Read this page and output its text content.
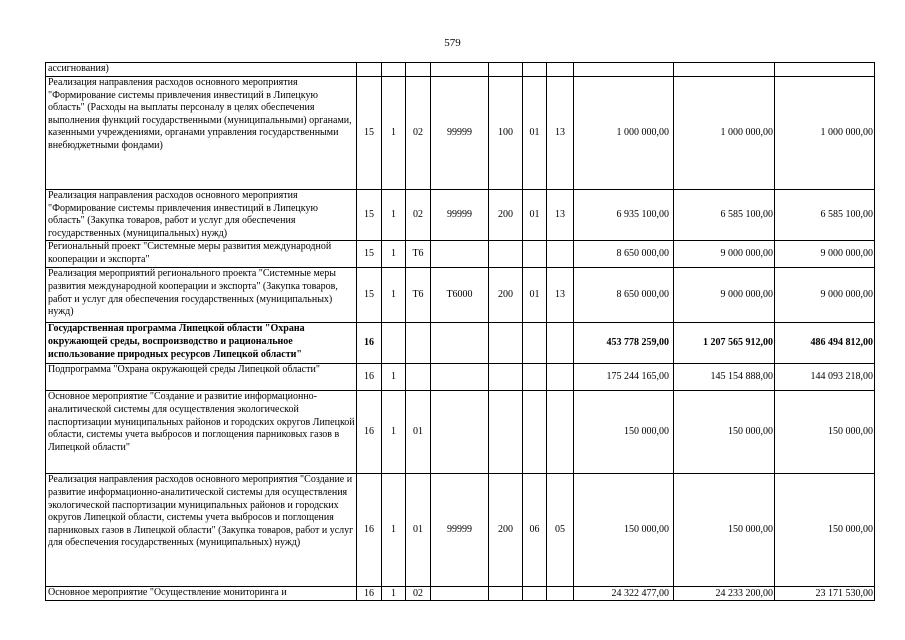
579
ассигнования)										
Реализация направления расходов основного мероприятия "Формирование системы привлечения инвестиций в Липецкую область" (Расходы на выплаты персоналу в целях обеспечения выполнения функций государственными (муниципальными) органами, казенными учреждениями, органами управления государственными внебюджетными фондами)	15	1	02	99999	100	01	13	1 000 000,00	1 000 000,00	1 000 000,00
Реализация направления расходов основного мероприятия "Формирование системы привлечения инвестиций в Липецкую область" (Закупка товаров, работ и услуг для обеспечения государственных (муниципальных) нужд)	15	1	02	99999	200	01	13	6 935 100,00	6 585 100,00	6 585 100,00
Региональный проект "Системные меры развития международной кооперации и экспорта"	15	1	Т6					8 650 000,00	9 000 000,00	9 000 000,00
Реализация мероприятий регионального проекта "Системные меры развития международной кооперации и экспорта" (Закупка товаров, работ и услуг для обеспечения государственных (муниципальных) нужд)	15	1	Т6	Т6000	200	01	13	8 650 000,00	9 000 000,00	9 000 000,00
Государственная программа Липецкой области "Охрана окружающей среды, воспроизводство и рациональное использование природных ресурсов Липецкой области"	16							453 778 259,00	1 207 565 912,00	486 494 812,00
Подпрограмма "Охрана окружающей среды Липецкой области"	16	1						175 244 165,00	145 154 888,00	144 093 218,00
Основное мероприятие "Создание и развитие информационно-аналитической системы для осуществления экологической паспортизации муниципальных районов и городских округов Липецкой области, системы учета выбросов и поглощения парниковых газов в Липецкой области"	16	1	01					150 000,00	150 000,00	150 000,00
Реализация направления расходов основного мероприятия "Создание и развитие информационно-аналитической системы для осуществления экологической паспортизации муниципальных районов и городских округов Липецкой области, системы учета выбросов и поглощения парниковых газов в Липецкой области" (Закупка товаров, работ и услуг для обеспечения государственных (муниципальных) нужд)	16	1	01	99999	200	06	05	150 000,00	150 000,00	150 000,00
Основное мероприятие "Осуществление мониторинга и	16	1	02					24 322 477,00	24 233 200,00	23 171 530,00
